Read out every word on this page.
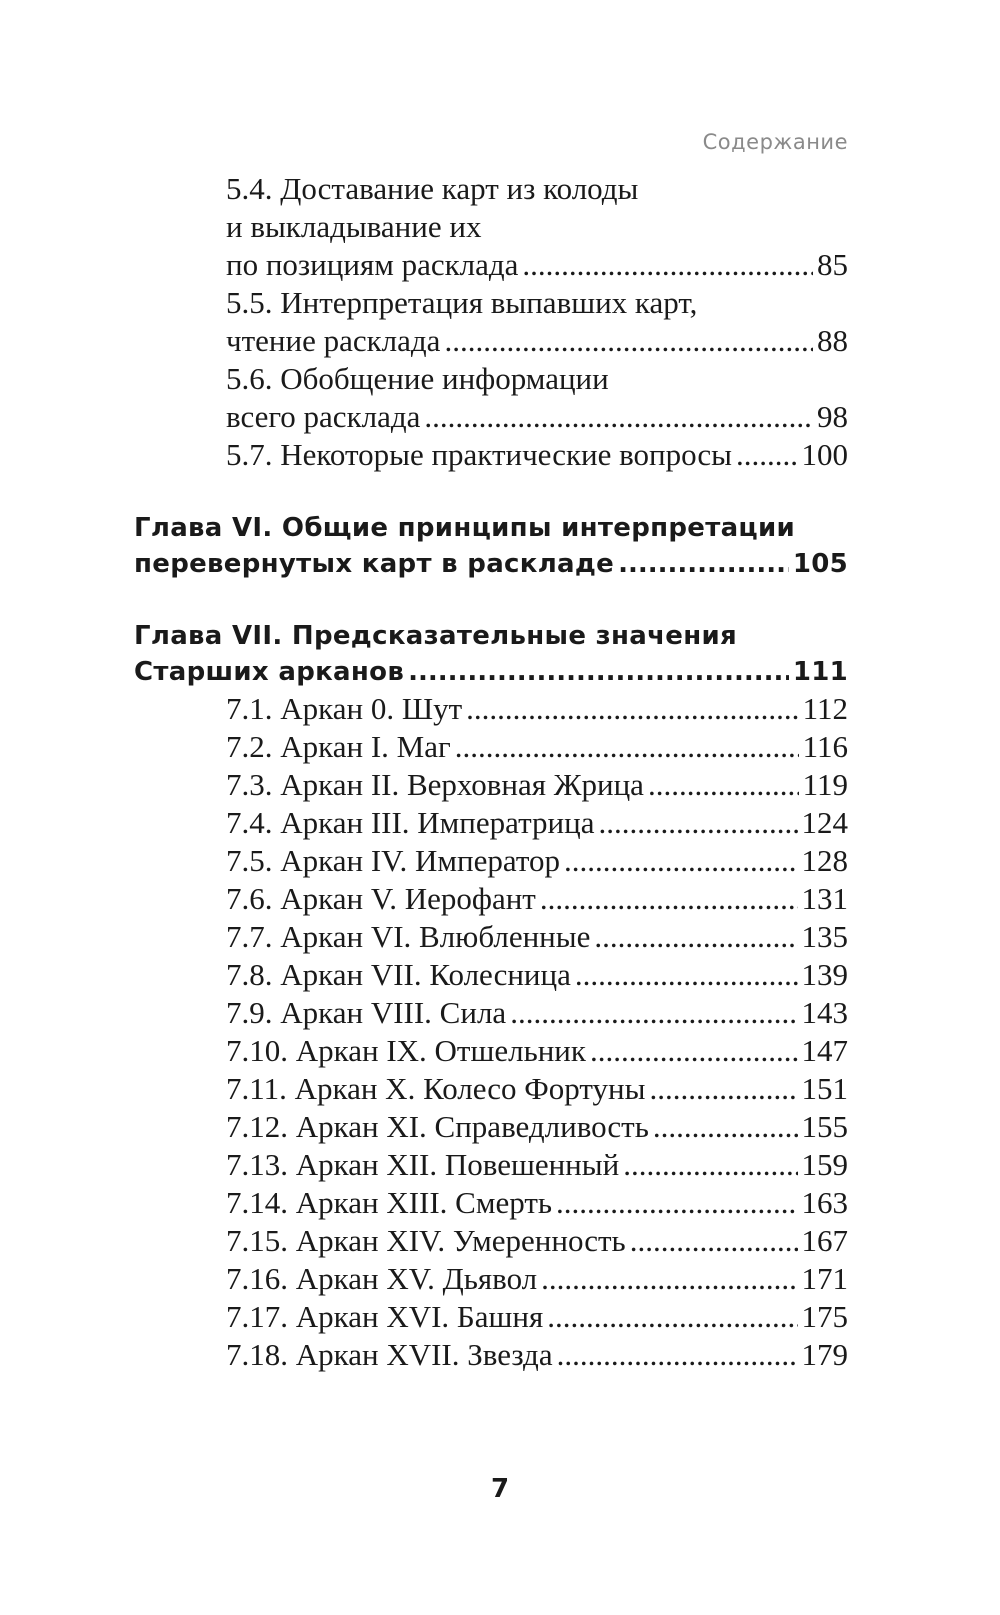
Содержание
5.4. Доставание карт из колоды
и выкладывание их
по позициям расклада .....	85
5.5. Интерпретация выпавших карт,
чтение расклада .....	88
5.6. Обобщение информации
всего расклада .....	98
5.7. Некоторые практические вопросы ..... 100
Глава VI. Общие принципы интерпретации
перевернутых карт в раскладе .....	105
Глава VII. Предсказательные значения
Старших арканов .....	111
7.1. Аркан 0. Шут .....	112
7.2. Аркан I. Маг .....	116
7.3. Аркан II. Верховная Жрица .....	119
7.4. Аркан III. Императрица .....	124
7.5. Аркан IV. Император .....	128
7.6. Аркан V. Иерофант .....	131
7.7. Аркан VI. Влюбленные .....	135
7.8. Аркан VII. Колесница .....	139
7.9. Аркан VIII. Сила .....	143
7.10. Аркан IX. Отшельник .....	147
7.11. Аркан X. Колесо Фортуны .....	151
7.12. Аркан XI. Справедливость .....	155
7.13. Аркан XII. Повешенный .....	159
7.14. Аркан XIII. Смерть .....	163
7.15. Аркан XIV. Умеренность .....	167
7.16. Аркан XV. Дьявол .....	171
7.17. Аркан XVI. Башня .....	175
7.18. Аркан XVII. Звезда .....	179
7
